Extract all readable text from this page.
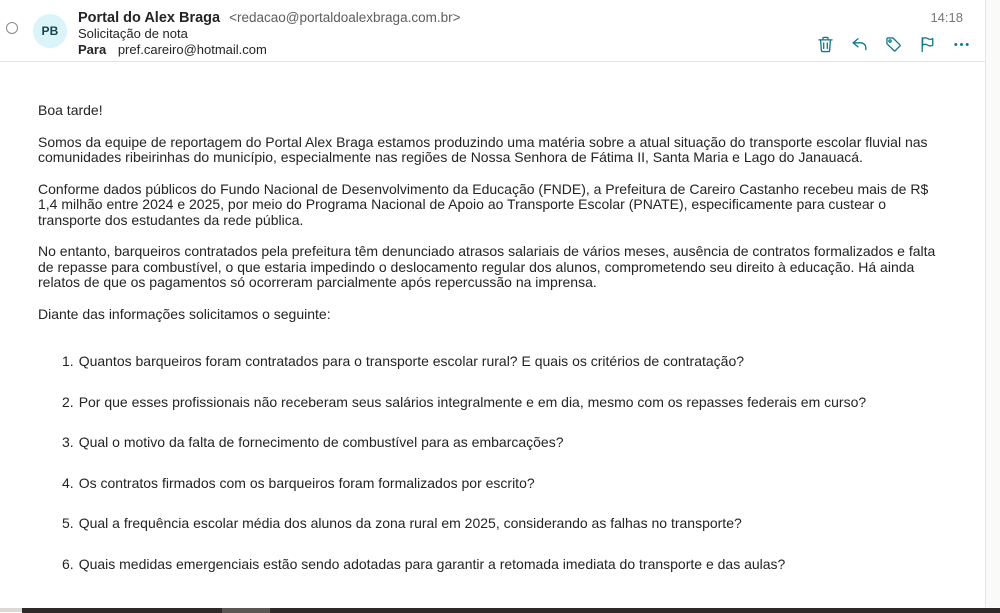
PB
Portal do Alex Braga <redacao@portaldoalexbraga.com.br>
Solicitação de nota
Para pref.careiro@hotmail.com
14:18

Boa tarde!

Somos da equipe de reportagem do Portal Alex Braga estamos produzindo uma matéria sobre a atual situação do transporte escolar fluvial nas comunidades ribeirinhas do município, especialmente nas regiões de Nossa Senhora de Fátima II, Santa Maria e Lago do Janauacá.

Conforme dados públicos do Fundo Nacional de Desenvolvimento da Educação (FNDE), a Prefeitura de Careiro Castanho recebeu mais de R$ 1,4 milhão entre 2024 e 2025, por meio do Programa Nacional de Apoio ao Transporte Escolar (PNATE), especificamente para custear o transporte dos estudantes da rede pública.

No entanto, barqueiros contratados pela prefeitura têm denunciado atrasos salariais de vários meses, ausência de contratos formalizados e falta de repasse para combustível, o que estaria impedindo o deslocamento regular dos alunos, comprometendo seu direito à educação. Há ainda relatos de que os pagamentos só ocorreram parcialmente após repercussão na imprensa.

Diante das informações solicitamos o seguinte:

1. Quantos barqueiros foram contratados para o transporte escolar rural? E quais os critérios de contratação?
2. Por que esses profissionais não receberam seus salários integralmente e em dia, mesmo com os repasses federais em curso?
3. Qual o motivo da falta de fornecimento de combustível para as embarcações?
4. Os contratos firmados com os barqueiros foram formalizados por escrito?
5. Qual a frequência escolar média dos alunos da zona rural em 2025, considerando as falhas no transporte?
6. Quais medidas emergenciais estão sendo adotadas para garantir a retomada imediata do transporte e das aulas?
